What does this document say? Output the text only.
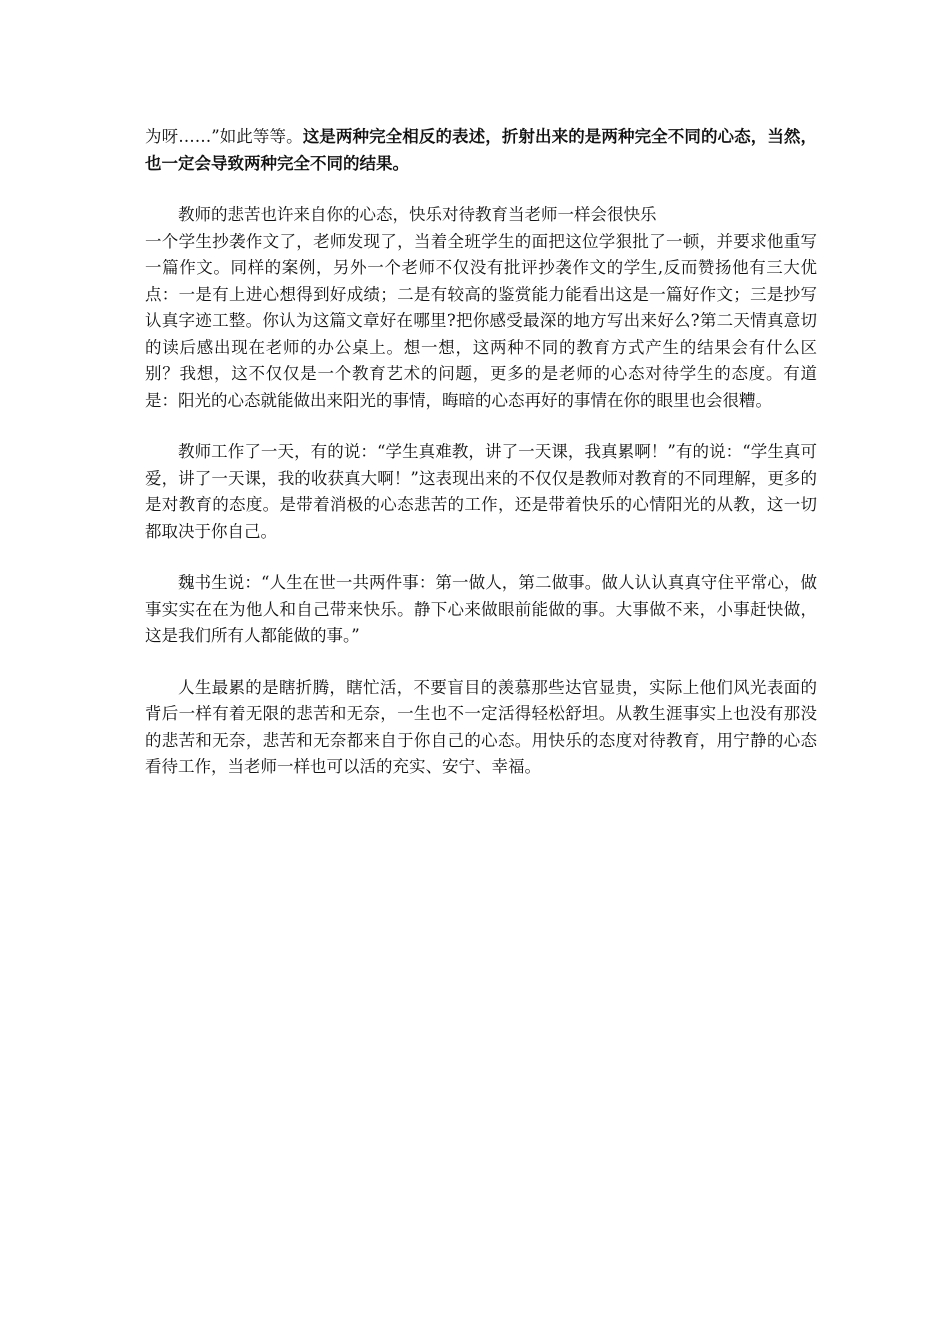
为呀……”如此等等。这是两种完全相反的表述，折射出来的是两种完全不同的心态，当然，也一定会导致两种完全不同的结果。

教师的悲苦也许来自你的心态，快乐对待教育当老师一样会很快乐
一个学生抄袭作文了，老师发现了，当着全班学生的面把这位学狠批了一顿，并要求他重写一篇作文。同样的案例，另外一个老师不仅没有批评抄袭作文的学生,反而赞扬他有三大优点：一是有上进心想得到好成绩；二是有较高的鉴赏能力能看出这是一篇好作文；三是抄写认真字迹工整。你认为这篇文章好在哪里?把你感受最深的地方写出来好么?第二天情真意切的读后感出现在老师的办公桌上。想一想，这两种不同的教育方式产生的结果会有什么区别？我想，这不仅仅是一个教育艺术的问题，更多的是老师的心态对待学生的态度。有道是：阳光的心态就能做出来阳光的事情，晦暗的心态再好的事情在你的眼里也会很糟。

教师工作了一天，有的说：“学生真难教，讲了一天课，我真累啊！”有的说：“学生真可爱，讲了一天课，我的收获真大啊！”这表现出来的不仅仅是教师对教育的不同理解，更多的是对教育的态度。是带着消极的心态悲苦的工作，还是带着快乐的心情阳光的从教，这一切都取决于你自己。

魏书生说：“人生在世一共两件事：第一做人，第二做事。做人认认真真守住平常心，做事实实在在为他人和自己带来快乐。静下心来做眼前能做的事。大事做不来，小事赶快做，这是我们所有人都能做的事。”

人生最累的是瞎折腾，瞎忙活，不要盲目的羡慕那些达官显贵，实际上他们风光表面的背后一样有着无限的悲苦和无奈，一生也不一定活得轻松舒坦。从教生涯事实上也没有那没的悲苦和无奈，悲苦和无奈都来自于你自己的心态。用快乐的态度对待教育，用宁静的心态看待工作，当老师一样也可以活的充实、安宁、幸福。
